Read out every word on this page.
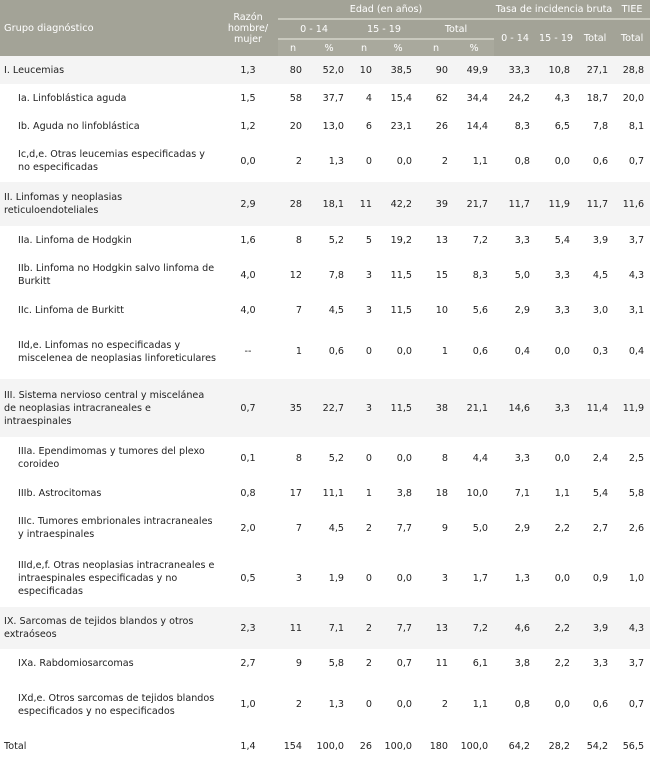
Grupo diagnóstico	Razón hombre/ mujer	Edad (en años)						Tasa de incidencia bruta			TIEE
		0 - 14		15 - 19		Total		0 - 14	15 - 19	Total	Total
		n	%	n	%	n	%				
I. Leucemias	1,3	80	52,0	10	38,5	90	49,9	33,3	10,8	27,1	28,8
Ia. Linfoblástica aguda	1,5	58	37,7	4	15,4	62	34,4	24,2	4,3	18,7	20,0
Ib. Aguda no linfoblástica	1,2	20	13,0	6	23,1	26	14,4	8,3	6,5	7,8	8,1
Ic,d,e. Otras leucemias especificadas y no especificadas	0,0	2	1,3	0	0,0	2	1,1	0,8	0,0	0,6	0,7
II. Linfomas y neoplasias reticuloendoteliales	2,9	28	18,1	11	42,2	39	21,7	11,7	11,9	11,7	11,6
IIa. Linfoma de Hodgkin	1,6	8	5,2	5	19,2	13	7,2	3,3	5,4	3,9	3,7
IIb. Linfoma no Hodgkin salvo linfoma de Burkitt	4,0	12	7,8	3	11,5	15	8,3	5,0	3,3	4,5	4,3
IIc. Linfoma de Burkitt	4,0	7	4,5	3	11,5	10	5,6	2,9	3,3	3,0	3,1
IId,e. Linfomas no especificadas y miscelenea de neoplasias linforeticulares	--	1	0,6	0	0,0	1	0,6	0,4	0,0	0,3	0,4
III. Sistema nervioso central y miscelánea de neoplasias intracraneales e intraespinales	0,7	35	22,7	3	11,5	38	21,1	14,6	3,3	11,4	11,9
IIIa. Ependimomas y tumores del plexo coroideo	0,1	8	5,2	0	0,0	8	4,4	3,3	0,0	2,4	2,5
IIIb. Astrocitomas	0,8	17	11,1	1	3,8	18	10,0	7,1	1,1	5,4	5,8
IIIc. Tumores embrionales intracraneales y intraespinales	2,0	7	4,5	2	7,7	9	5,0	2,9	2,2	2,7	2,6
IIId,e,f. Otras neoplasias intracraneales e intraespinales especificadas y no especificadas	0,5	3	1,9	0	0,0	3	1,7	1,3	0,0	0,9	1,0
IX. Sarcomas de tejidos blandos y otros extraóseos	2,3	11	7,1	2	7,7	13	7,2	4,6	2,2	3,9	4,3
IXa. Rabdomiosarcomas	2,7	9	5,8	2	0,7	11	6,1	3,8	2,2	3,3	3,7
IXd,e. Otros sarcomas de tejidos blandos especificados y no especificados	1,0	2	1,3	0	0,0	2	1,1	0,8	0,0	0,6	0,7
Total	1,4	154	100,0	26	100,0	180	100,0	64,2	28,2	54,2	56,5
